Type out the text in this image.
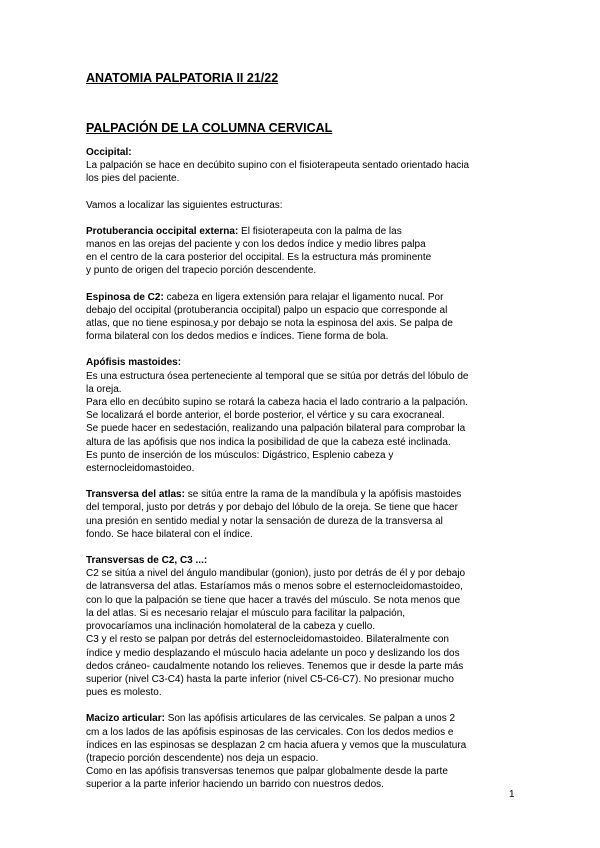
ANATOMIA PALPATORIA II 21/22
PALPACIÓN DE LA COLUMNA CERVICAL

Occipital:

La palpación se hace en decúbito supino con el fisioterapeuta sentado orientado hacia

los pies del paciente.

Vamos a localizar las siguientes estructuras:

Protuberancia occipital externa: El fisioterapeuta con la palma de las

manos en las orejas del paciente y con los dedos índice y medio libres palpa

en el centro de la cara posterior del occipital. Es la estructura más prominente

y punto de origen del trapecio porción descendente.

Espinosa de C2: cabeza en ligera extensión para relajar el ligamento nucal. Por

debajo del occipital (protuberancia occipital) palpo un espacio que corresponde al

atlas, que no tiene espinosa,y por debajo se nota la espinosa del axis. Se palpa de

forma bilateral con los dedos medios e índices. Tiene forma de bola.

Apófisis mastoides:

Es una estructura ósea perteneciente al temporal que se sitúa por detrás del lóbulo de

la oreja.

Para ello en decúbito supino se rotará la cabeza hacia el lado contrario a la palpación.

Se localizará el borde anterior, el borde posterior, el vértice y su cara exocraneal.

Se puede hacer en sedestación, realizando una palpación bilateral para comprobar la

altura de las apófisis que nos indica la posibilidad de que la cabeza esté inclinada.

Es punto de inserción de los músculos: Digástrico, Esplenio cabeza y

esternocleidomastoideo.

Transversa del atlas: se sitúa entre la rama de la mandíbula y la apófisis mastoides

del temporal, justo por detrás y por debajo del lóbulo de la oreja. Se tiene que hacer

una presión en sentido medial y notar la sensación de dureza de la transversa al

fondo. Se hace bilateral con el índice.

Transversas de C2, C3 ...:

C2 se sitúa a nivel del ángulo mandibular (gonion), justo por detrás de él y por debajo

de latransversa del atlas. Estaríamos más o menos sobre el esternocleidomastoideo,

con lo que la palpación se tiene que hacer a través del músculo. Se nota menos que

la del atlas. Si es necesario relajar el músculo para facilitar la palpación,

provocaríamos una inclinación homolateral de la cabeza y cuello.

C3 y el resto se palpan por detrás del esternocleidomastoideo. Bilateralmente con

índice y medio desplazando el músculo hacia adelante un poco y deslizando los dos

dedos cráneo- caudalmente notando los relieves. Tenemos que ir desde la parte más

superior (nivel C3-C4) hasta la parte inferior (nivel C5-C6-C7). No presionar mucho

pues es molesto.

Macizo articular: Son las apófisis articulares de las cervicales. Se palpan a unos 2

cm a los lados de las apófisis espinosas de las cervicales. Con los dedos medios e

índices en las espinosas se desplazan 2 cm hacia afuera y vemos que la musculatura

(trapecio porción descendente) nos deja un espacio.

Como en las apófisis transversas tenemos que palpar globalmente desde la parte

superior a la parte inferior haciendo un barrido con nuestros dedos.

1
